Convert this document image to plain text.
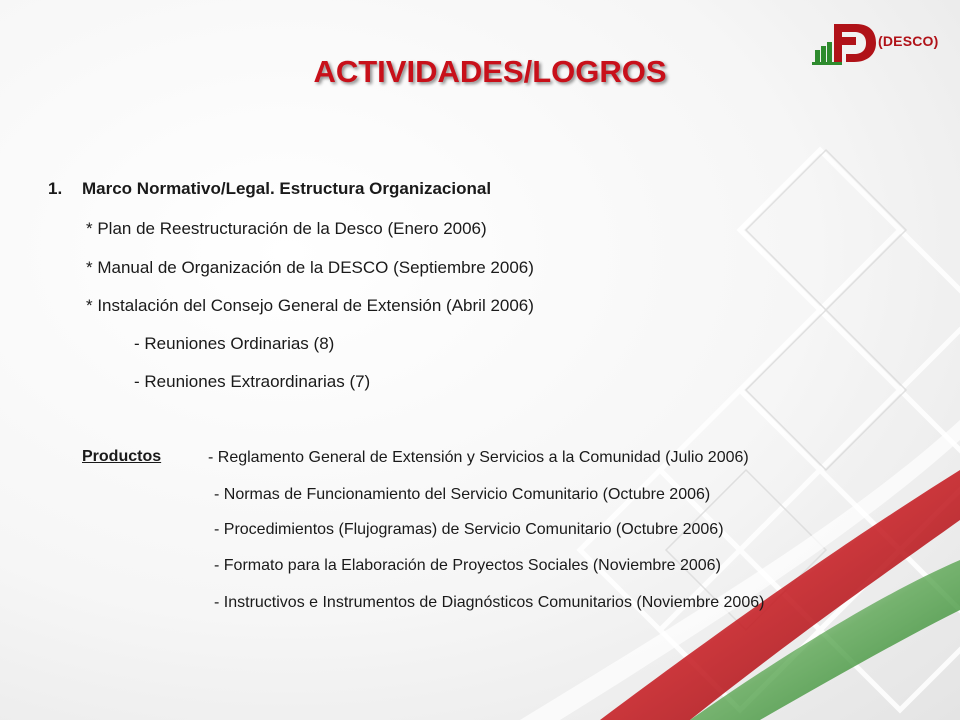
(DESCO)
ACTIVIDADES/LOGROS
1. Marco Normativo/Legal. Estructura Organizacional
* Plan de Reestructuración de la Desco (Enero 2006)
* Manual de Organización de la DESCO (Septiembre 2006)
* Instalación del Consejo General de Extensión (Abril 2006)
- Reuniones Ordinarias (8)
- Reuniones Extraordinarias (7)
Productos	- Reglamento General de Extensión y Servicios a la Comunidad (Julio 2006)
- Normas de Funcionamiento del Servicio Comunitario (Octubre 2006)
- Procedimientos (Flujogramas) de Servicio Comunitario (Octubre 2006)
- Formato para la Elaboración de Proyectos Sociales (Noviembre 2006)
- Instructivos e Instrumentos de Diagnósticos Comunitarios (Noviembre 2006)
